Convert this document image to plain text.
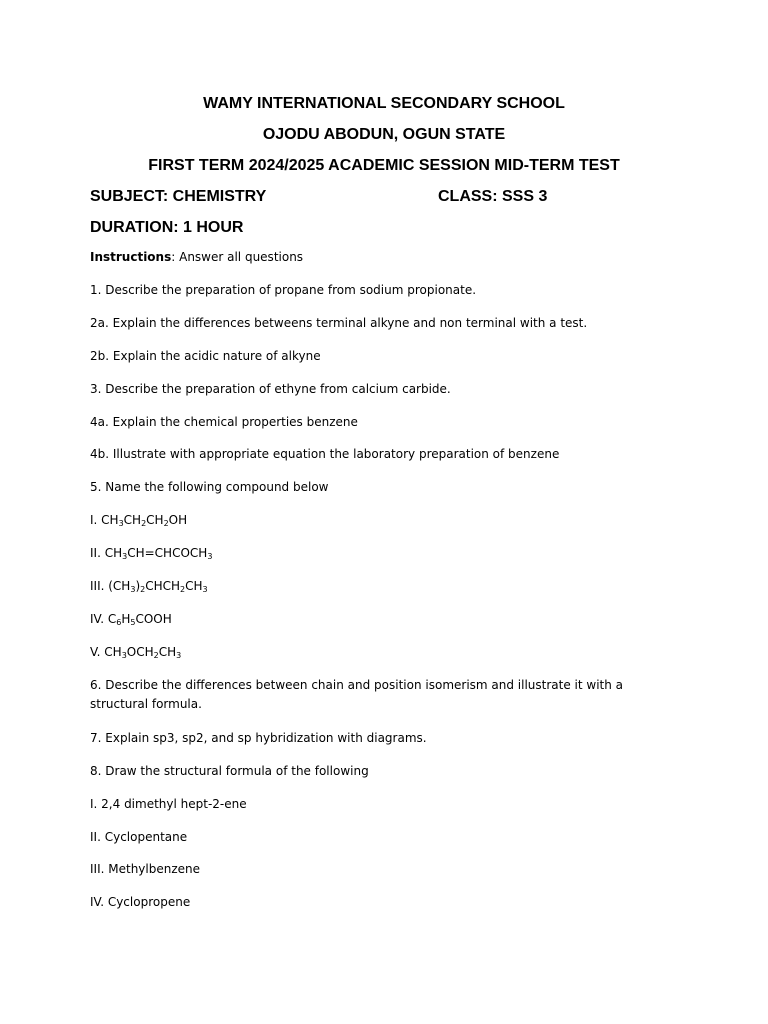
WAMY INTERNATIONAL SECONDARY SCHOOL
OJODU ABODUN, OGUN STATE
FIRST TERM 2024/2025 ACADEMIC SESSION MID-TERM TEST
SUBJECT: CHEMISTRY	CLASS: SSS 3
DURATION: 1 HOUR
Instructions: Answer all questions
1. Describe the preparation of propane from sodium propionate.
2a. Explain the differences betweens terminal alkyne and non terminal with a test.
2b. Explain the acidic nature of alkyne
3. Describe the preparation of ethyne from calcium carbide.
4a. Explain the chemical properties benzene
4b. Illustrate with appropriate equation the laboratory preparation of benzene
5. Name the following compound below
I. $CH_3CH_2CH_2OH$
II. $CH_3CH=CHCOCH_3$
III. $(CH_3)_2CHCH_2CH_3$
IV. $C_6H_5COOH$
V. $CH_3OCH_2CH_3$
6. Describe the differences between chain and position isomerism and illustrate it with a structural formula.
7. Explain sp3, sp2, and sp hybridization with diagrams.
8. Draw the structural formula of the following
I. 2,4 dimethyl hept-2-ene
II. Cyclopentane
III. Methylbenzene
IV. Cyclopropene
